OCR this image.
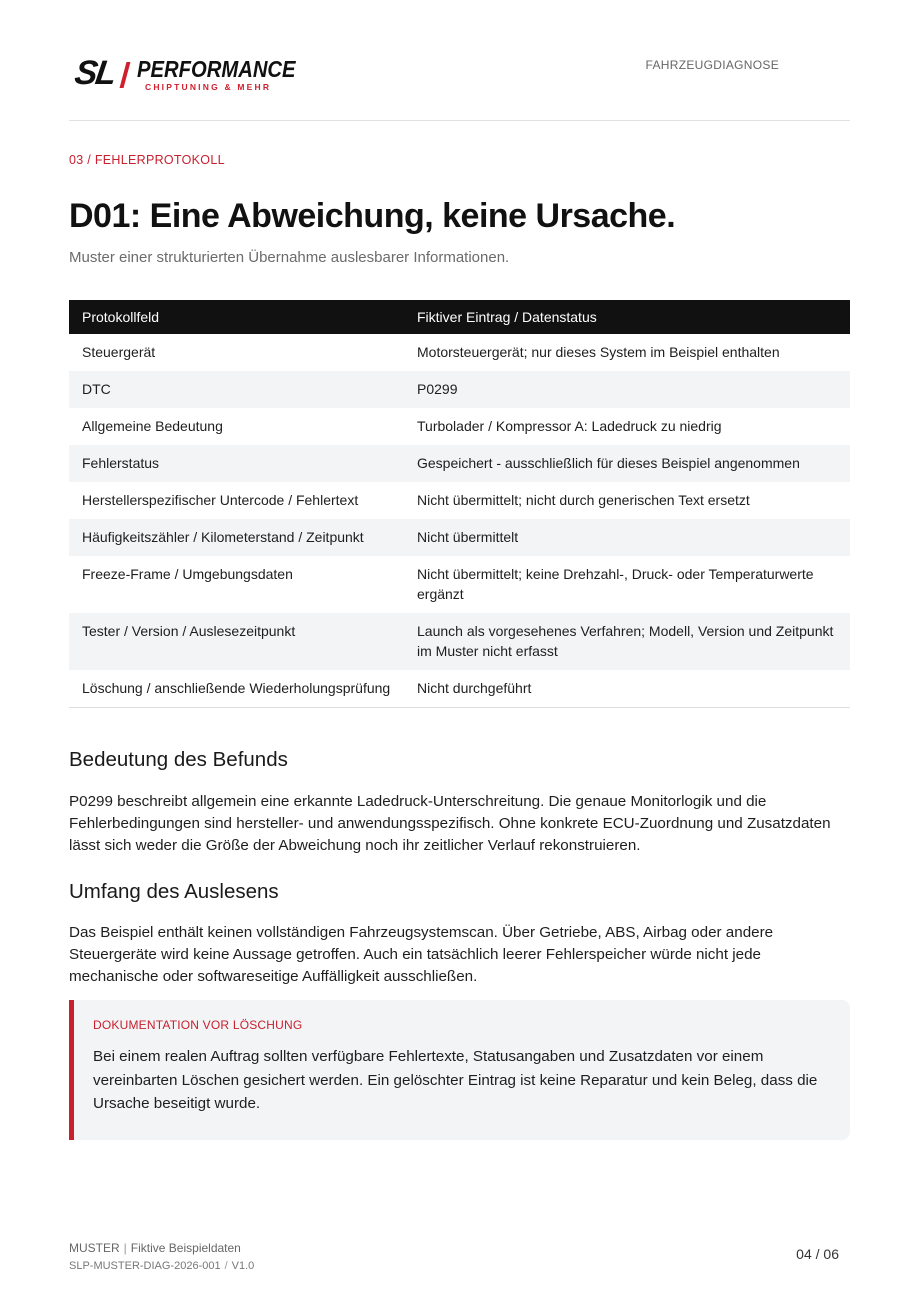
SL PERFORMANCE
CHIPTUNING & MEHR
FAHRZEUGDIAGNOSE
03 / FEHLERPROTOKOLL
D01: Eine Abweichung, keine Ursache.
Muster einer strukturierten Übernahme auslesbarer Informationen.
Protokollfeld	Fiktiver Eintrag / Datenstatus
Steuergerät	Motorsteuergerät; nur dieses System im Beispiel enthalten
DTC	P0299
Allgemeine Bedeutung	Turbolader / Kompressor A: Ladedruck zu niedrig
Fehlerstatus	Gespeichert - ausschließlich für dieses Beispiel angenommen
Herstellerspezifischer Untercode / Fehlertext	Nicht übermittelt; nicht durch generischen Text ersetzt
Häufigkeitszähler / Kilometerstand / Zeitpunkt	Nicht übermittelt
Freeze-Frame / Umgebungsdaten	Nicht übermittelt; keine Drehzahl-, Druck- oder Temperaturwerte ergänzt
Tester / Version / Auslesezeitpunkt	Launch als vorgesehenes Verfahren; Modell, Version und Zeitpunkt im Muster nicht erfasst
Löschung / anschließende Wiederholungsprüfung	Nicht durchgeführt
Bedeutung des Befunds

P0299 beschreibt allgemein eine erkannte Ladedruck-Unterschreitung. Die genaue Monitorlogik und die Fehlerbedingungen sind hersteller- und anwendungsspezifisch. Ohne konkrete ECU-Zuordnung und Zusatzdaten lässt sich weder die Größe der Abweichung noch ihr zeitlicher Verlauf rekonstruieren.

Umfang des Auslesens

Das Beispiel enthält keinen vollständigen Fahrzeugsystemscan. Über Getriebe, ABS, Airbag oder andere Steuergeräte wird keine Aussage getroffen. Auch ein tatsächlich leerer Fehlerspeicher würde nicht jede mechanische oder softwareseitige Auffälligkeit ausschließen.

DOKUMENTATION VOR LÖSCHUNG

Bei einem realen Auftrag sollten verfügbare Fehlertexte, Statusangaben und Zusatzdaten vor einem vereinbarten Löschen gesichert werden. Ein gelöschter Eintrag ist keine Reparatur und kein Beleg, dass die Ursache beseitigt wurde.

MUSTER | Fiktive Beispieldaten
SLP-MUSTER-DIAG-2026-001 / V1.0
04 / 06
